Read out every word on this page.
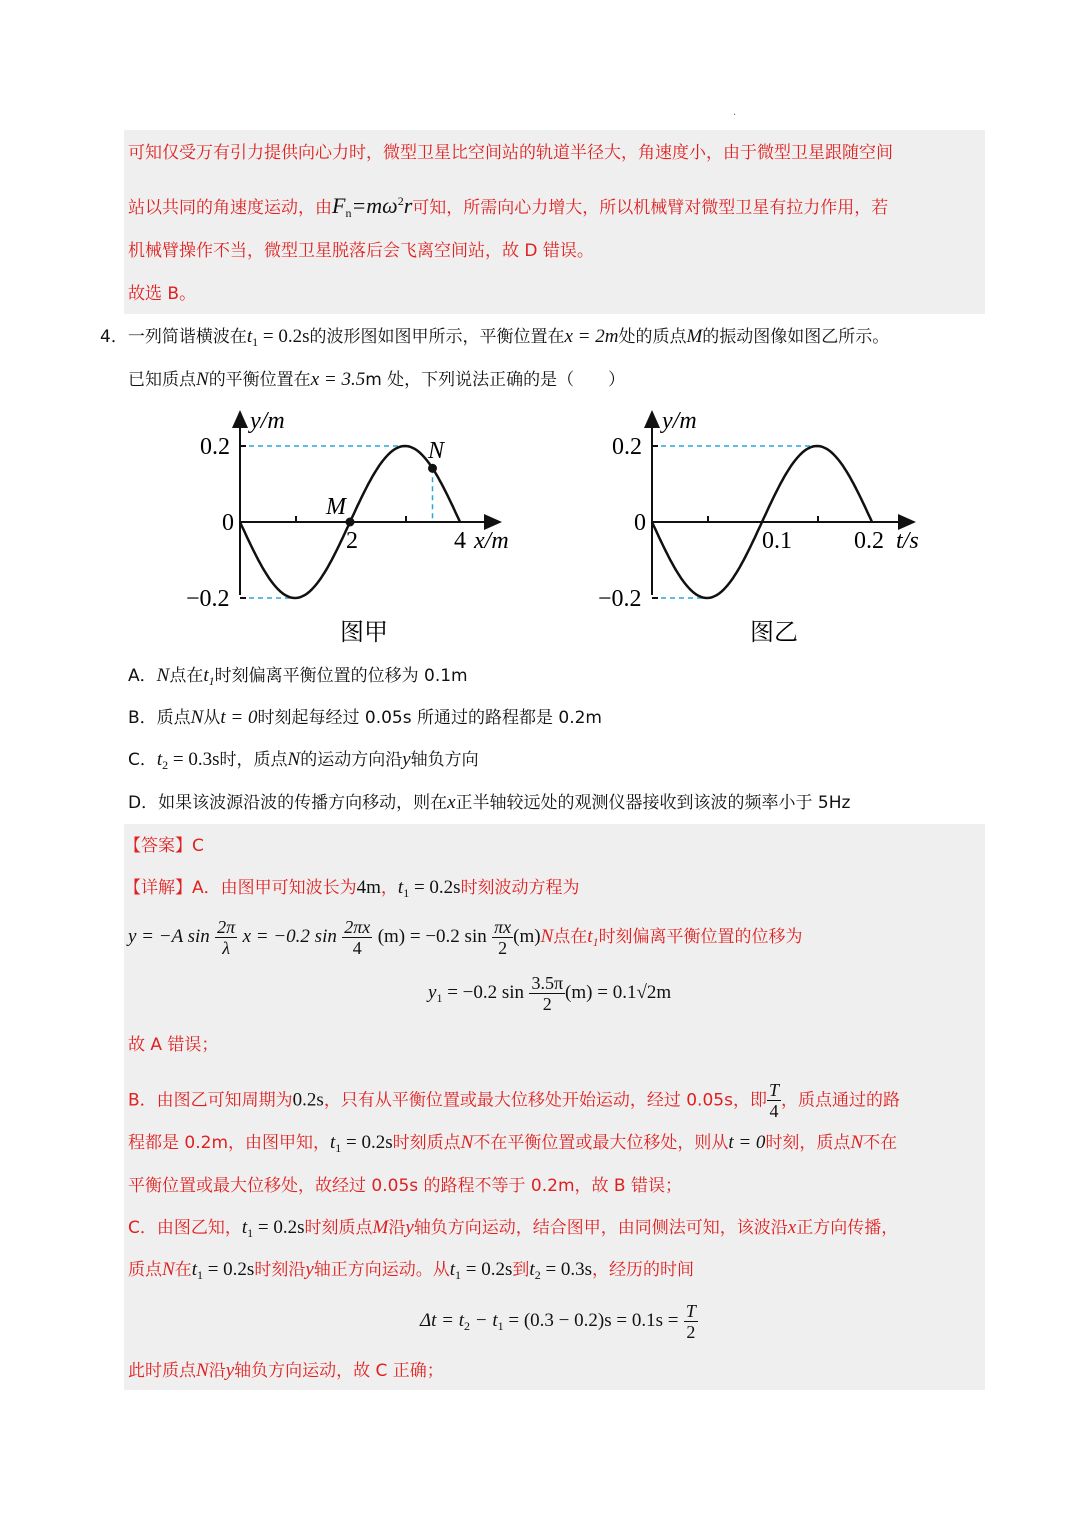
·
可知仅受万有引力提供向心力时，微型卫星比空间站的轨道半径大，角速度小，由于微型卫星跟随空间
站以共同的角速度运动，由$F_n=m\omega^2r$可知，所需向心力增大，所以机械臂对微型卫星有拉力作用，若
机械臂操作不当，微型卫星脱落后会飞离空间站，故 D 错误。
故选 B。
4．一列简谐横波在$t_1 = 0.2s$的波形图如图甲所示，平衡位置在x = 2m处的质点M的振动图像如图乙所示。
已知质点N的平衡位置在x = 3.5m 处，下列说法正确的是（　　）
y/m
0.2
0
−0.2
2	4 x/m
M
N
图甲
y/m
0.2
0
−0.2
0.1	0.2 t/s
图乙
A．N点在$t_1$时刻偏离平衡位置的位移为 0.1m
B．质点N从t = 0时刻起每经过 0.05s 所通过的路程都是 0.2m
C．$t_2 = 0.3s$时，质点N的运动方向沿y轴负方向
D．如果该波源沿波的传播方向移动，则在x正半轴较远处的观测仪器接收到该波的频率小于 5Hz
【答案】C
【详解】A．由图甲可知波长为4m，$t_1 = 0.2s$时刻波动方程为
y = −A $\sin \frac{2\pi}{\lambda}$ x = −0.2 $\sin \frac{2\pi x}{4} (m) = -0.2$ $\sin \frac{\pi x}{2} (m)N$点在$t_1$时刻偏离平衡位置的位移为
$y_1 = -0.2$ $\sin \frac{3.5\pi}{2} (m) = 0.1√2m$
故 A 错误；
B．由图乙可知周期为0.2s，只有从平衡位置或最大位移处开始运动，经过 0.05s，即 $\frac{T}{4}$ ，质点通过的路
程都是 0.2m，由图甲知，$t_1 = 0.2s$时刻质点N不在平衡位置或最大位移处，则从t = 0时刻，质点N不在
平衡位置或最大位移处，故经过 0.05s 的路程不等于 0.2m，故 B 错误；
C．由图乙知，$t_1 = 0.2s$时刻质点M沿y轴负方向运动，结合图甲，由同侧法可知，该波沿x正方向传播，
质点N在$t_1 = 0.2s$时刻沿y轴正方向运动。从$t_1 = 0.2s$到$t_2 = 0.3s$，经历的时间
$\Delta t = t_2 - t_1 = (0.3 - 0.2)s = 0.1s = \frac{T}{2}$
此时质点N沿y轴负方向运动，故 C 正确；
